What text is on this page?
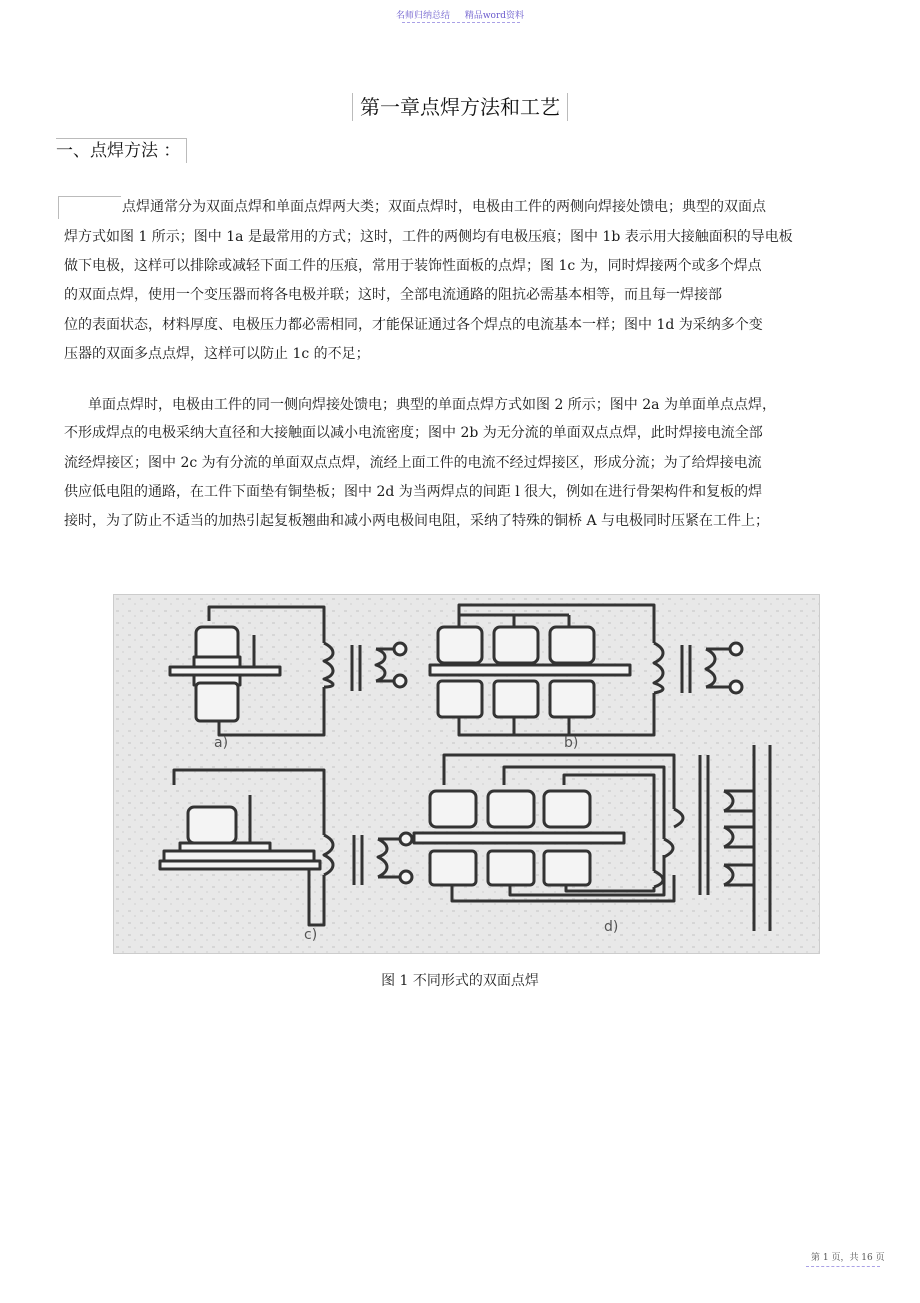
名师归纳总结 精品word资料
第一章点焊方法和工艺
一、点焊方法 ：
点焊通常分为双面点焊和单面点焊两大类；双面点焊时，电极由工件的两侧向焊接处馈电；典型的双面点
焊方式如图 1 所示；图中 1a 是最常用的方式；这时，工件的两侧均有电极压痕；图中 1b 表示用大接触面积的导电板
做下电极，这样可以排除或减轻下面工件的压痕，常用于装饰性面板的点焊；图 1c 为，同时焊接两个或多个焊点
的双面点焊，使用一个变压器而将各电极并联；这时，全部电流通路的阻抗必需基本相等，而且每一焊接部
位的表面状态，材料厚度、电极压力都必需相同，才能保证通过各个焊点的电流基本一样；图中 1d 为采纳多个变
压器的双面多点点焊，这样可以防止 1c 的不足；
单面点焊时，电极由工件的同一侧向焊接处馈电；典型的单面点焊方式如图 2 所示；图中 2a 为单面单点点焊，
不形成焊点的电极采纳大直径和大接触面以减小电流密度；图中 2b 为无分流的单面双点点焊，此时焊接电流全部
流经焊接区；图中 2c 为有分流的单面双点点焊，流经上面工件的电流不经过焊接区，形成分流；为了给焊接电流
供应低电阻的通路，在工件下面垫有铜垫板；图中 2d 为当两焊点的间距 l 很大，例如在进行骨架构件和复板的焊
接时，为了防止不适当的加热引起复板翘曲和减小两电极间电阻，采纳了特殊的铜桥 A 与电极同时压紧在工件上；
a)	b)
c)	d)
图 1 不同形式的双面点焊
第 1 页，共 16 页
